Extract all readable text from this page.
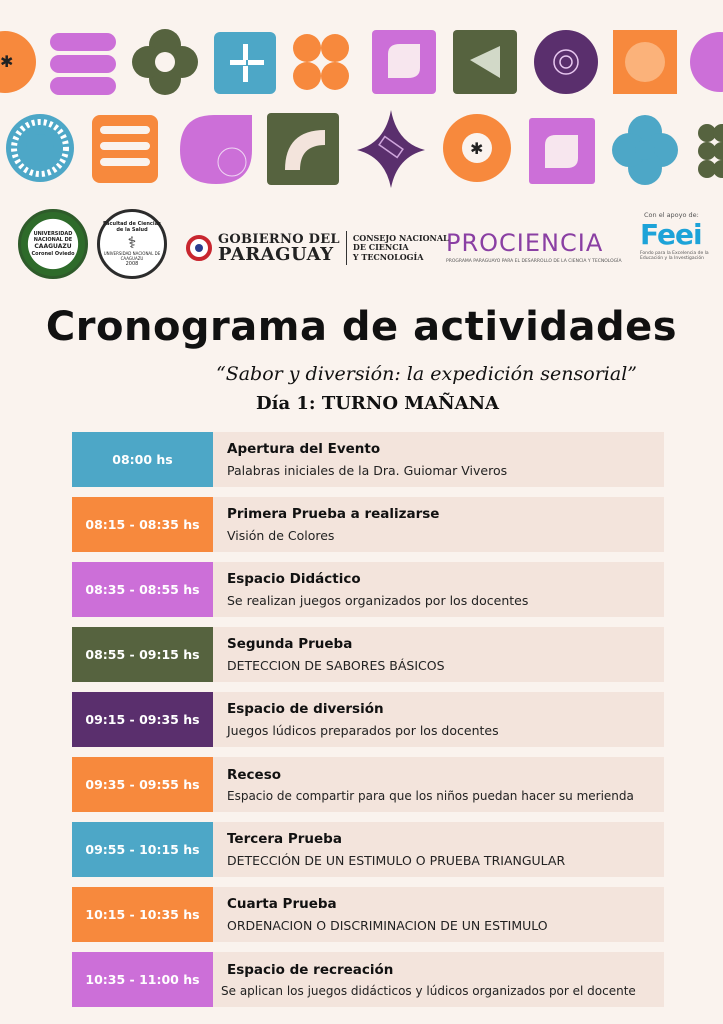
✱
✱
UNIVERSIDAD NACIONAL DE
CAAGUAZU
Coronel Oviedo
Facultad de Ciencias de la Salud
⚕
UNIVERSIDAD NACIONAL DE CAAGUAZU
2008
GOBIERNO DEL
PARAGUAY
CONSEJO NACIONAL
DE CIENCIA
Y TECNOLOGÍA PROCIENCIA
PROGRAMA PARAGUAYO PARA EL DESARROLLO DE LA CIENCIA Y TECNOLOGÍA
Con el apoyo de:
Feei
Fondo para la Excelencia de la Educación y la Investigación
Cronograma de actividades
“Sabor y diversión: la expedición sensorial”
Día 1: TURNO MAÑANA
08:00 hs
Apertura del Evento
Palabras iniciales de la Dra. Guiomar Viveros
08:15 - 08:35 hs
Primera Prueba a realizarse
Visión de Colores
08:35 - 08:55 hs
Espacio Didáctico
Se realizan juegos organizados por los docentes
08:55 - 09:15 hs
Segunda Prueba
DETECCION DE SABORES BÁSICOS
09:15 - 09:35 hs
Espacio de diversión
Juegos lúdicos preparados por los docentes
09:35 - 09:55 hs
Receso
Espacio de compartir para que los niños puedan hacer su merienda
09:55 - 10:15 hs
Tercera Prueba
DETECCIÓN DE UN ESTIMULO O PRUEBA TRIANGULAR
10:15 - 10:35 hs
Cuarta Prueba
ORDENACION O DISCRIMINACION DE UN ESTIMULO
10:35 - 11:00 hs
Espacio de recreación
Se aplican los juegos didácticos y lúdicos organizados por el docente
